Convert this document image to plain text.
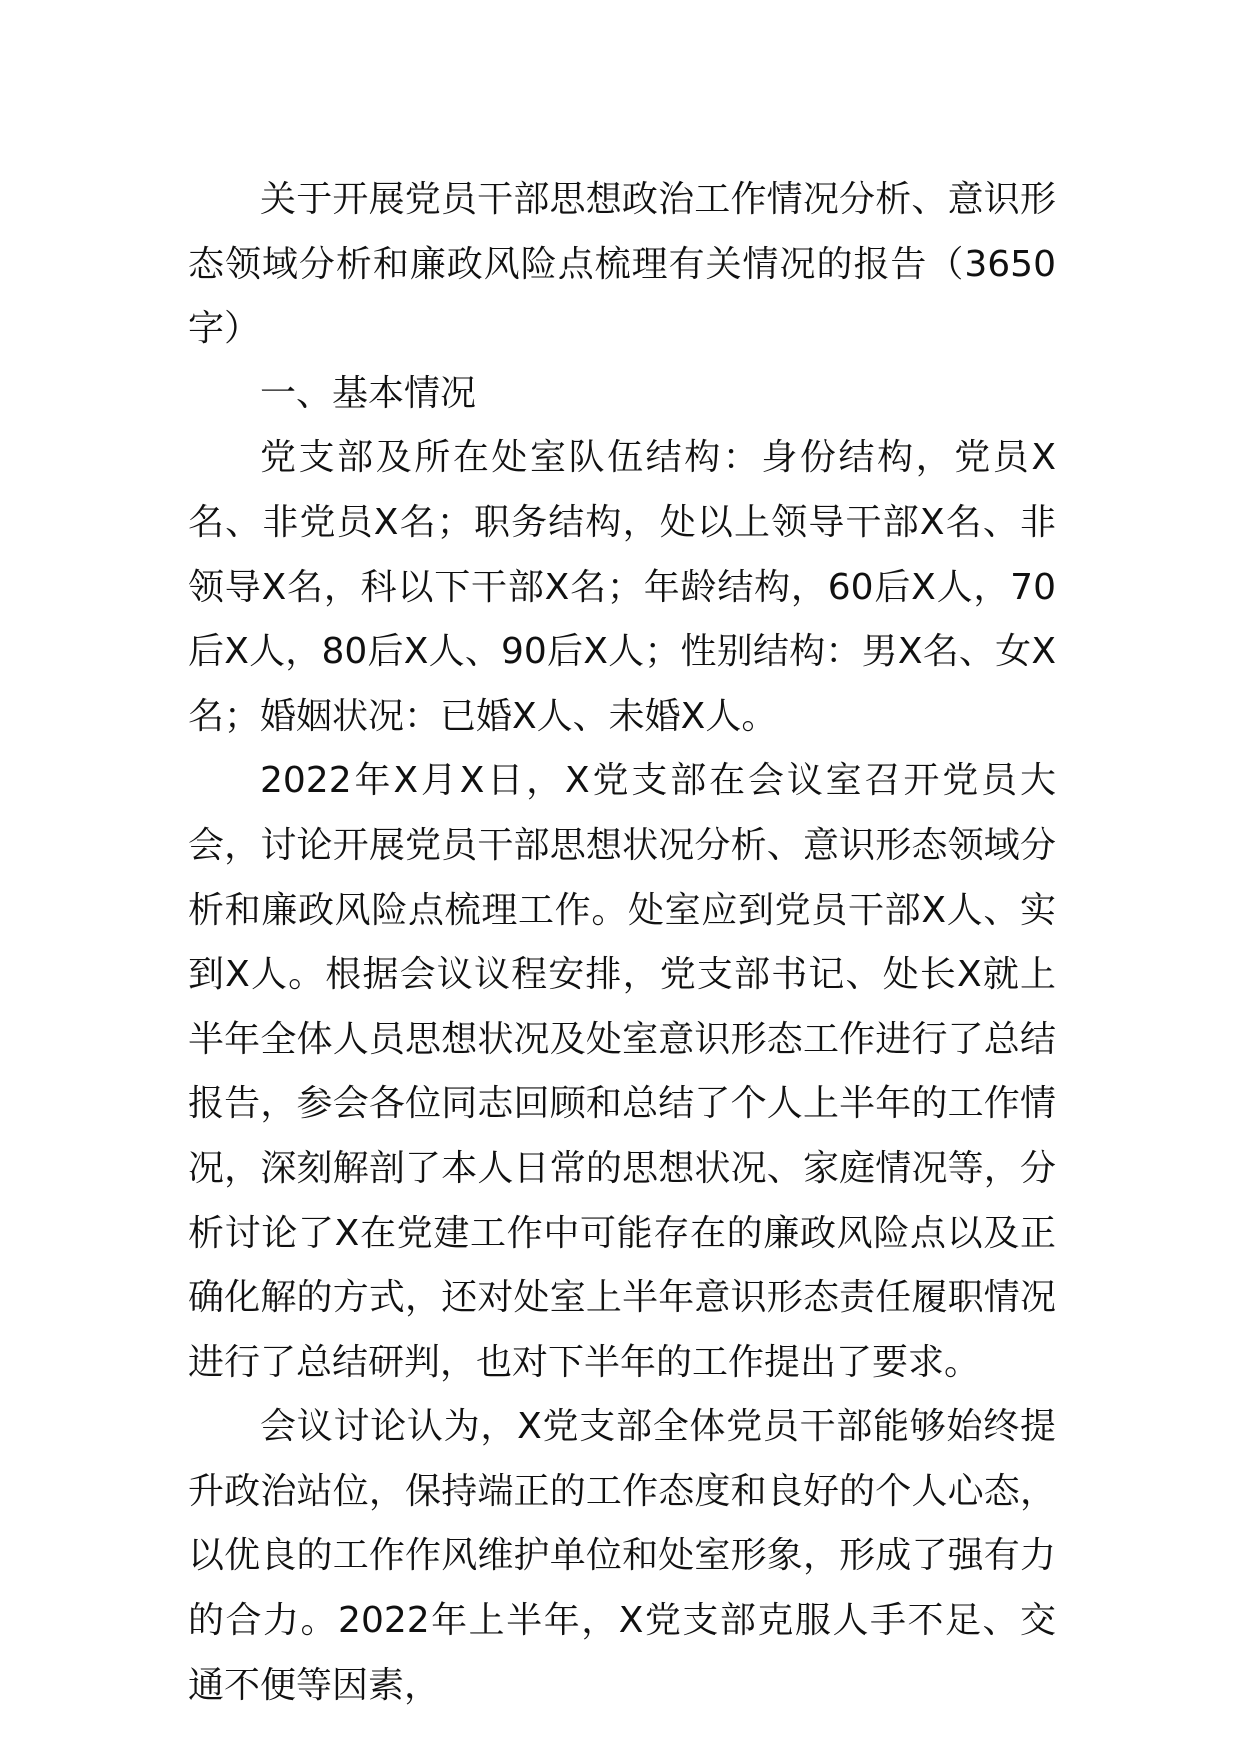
关于开展党员干部思想政治工作情况分析、意识形态领域分析和廉政风险点梳理有关情况的报告（3650字）

一、基本情况

党支部及所在处室队伍结构：身份结构，党员X名、非党员X名；职务结构，处以上领导干部X名、非领导X名，科以下干部X名；年龄结构，60后X人，70后X人，80后X人、90后X人；性别结构：男X名、女X名；婚姻状况：已婚X人、未婚X人。

2022年X月X日，X党支部在会议室召开党员大会，讨论开展党员干部思想状况分析、意识形态领域分析和廉政风险点梳理工作。处室应到党员干部X人、实到X人。根据会议议程安排，党支部书记、处长X就上半年全体人员思想状况及处室意识形态工作进行了总结报告，参会各位同志回顾和总结了个人上半年的工作情况，深刻解剖了本人日常的思想状况、家庭情况等，分析讨论了X在党建工作中可能存在的廉政风险点以及正确化解的方式，还对处室上半年意识形态责任履职情况进行了总结研判，也对下半年的工作提出了要求。

会议讨论认为，X党支部全体党员干部能够始终提升政治站位，保持端正的工作态度和良好的个人心态，以优良的工作作风维护单位和处室形象，形成了强有力的合力。2022年上半年，X党支部克服人手不足、交通不便等因素，
